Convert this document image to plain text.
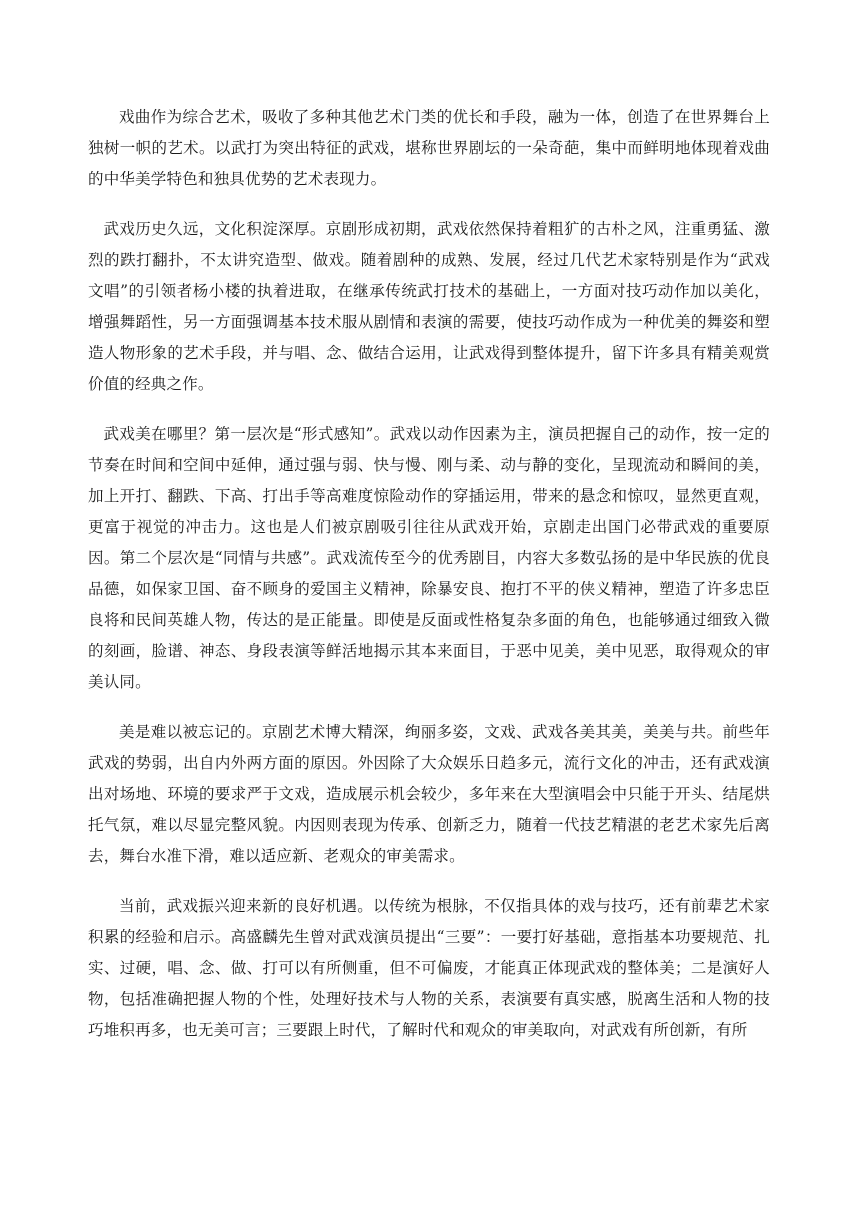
戏曲作为综合艺术，吸收了多种其他艺术门类的优长和手段，融为一体，创造了在世界舞台上独树一帜的艺术。以武打为突出特征的武戏，堪称世界剧坛的一朵奇葩，集中而鲜明地体现着戏曲的中华美学特色和独具优势的艺术表现力。

武戏历史久远，文化积淀深厚。京剧形成初期，武戏依然保持着粗犷的古朴之风，注重勇猛、激烈的跌打翻扑，不太讲究造型、做戏。随着剧种的成熟、发展，经过几代艺术家特别是作为“武戏文唱”的引领者杨小楼的执着进取，在继承传统武打技术的基础上，一方面对技巧动作加以美化，增强舞蹈性，另一方面强调基本技术服从剧情和表演的需要，使技巧动作成为一种优美的舞姿和塑造人物形象的艺术手段，并与唱、念、做结合运用，让武戏得到整体提升，留下许多具有精美观赏价值的经典之作。

武戏美在哪里？第一层次是“形式感知”。武戏以动作因素为主，演员把握自己的动作，按一定的节奏在时间和空间中延伸，通过强与弱、快与慢、刚与柔、动与静的变化，呈现流动和瞬间的美，加上开打、翻跌、下高、打出手等高难度惊险动作的穿插运用，带来的悬念和惊叹，显然更直观，更富于视觉的冲击力。这也是人们被京剧吸引往往从武戏开始，京剧走出国门必带武戏的重要原因。第二个层次是“同情与共感”。武戏流传至今的优秀剧目，内容大多数弘扬的是中华民族的优良品德，如保家卫国、奋不顾身的爱国主义精神，除暴安良、抱打不平的侠义精神，塑造了许多忠臣良将和民间英雄人物，传达的是正能量。即使是反面或性格复杂多面的角色，也能够通过细致入微的刻画，脸谱、神态、身段表演等鲜活地揭示其本来面目，于恶中见美，美中见恶，取得观众的审美认同。

美是难以被忘记的。京剧艺术博大精深，绚丽多姿，文戏、武戏各美其美，美美与共。前些年武戏的势弱，出自内外两方面的原因。外因除了大众娱乐日趋多元，流行文化的冲击，还有武戏演出对场地、环境的要求严于文戏，造成展示机会较少，多年来在大型演唱会中只能于开头、结尾烘托气氛，难以尽显完整风貌。内因则表现为传承、创新乏力，随着一代技艺精湛的老艺术家先后离去，舞台水准下滑，难以适应新、老观众的审美需求。

当前，武戏振兴迎来新的良好机遇。以传统为根脉，不仅指具体的戏与技巧，还有前辈艺术家积累的经验和启示。高盛麟先生曾对武戏演员提出“三要”：一要打好基础，意指基本功要规范、扎实、过硬，唱、念、做、打可以有所侧重，但不可偏废，才能真正体现武戏的整体美；二是演好人物，包括准确把握人物的个性，处理好技术与人物的关系，表演要有真实感，脱离生活和人物的技巧堆积再多，也无美可言；三要跟上时代，了解时代和观众的审美取向，对武戏有所创新，有所
